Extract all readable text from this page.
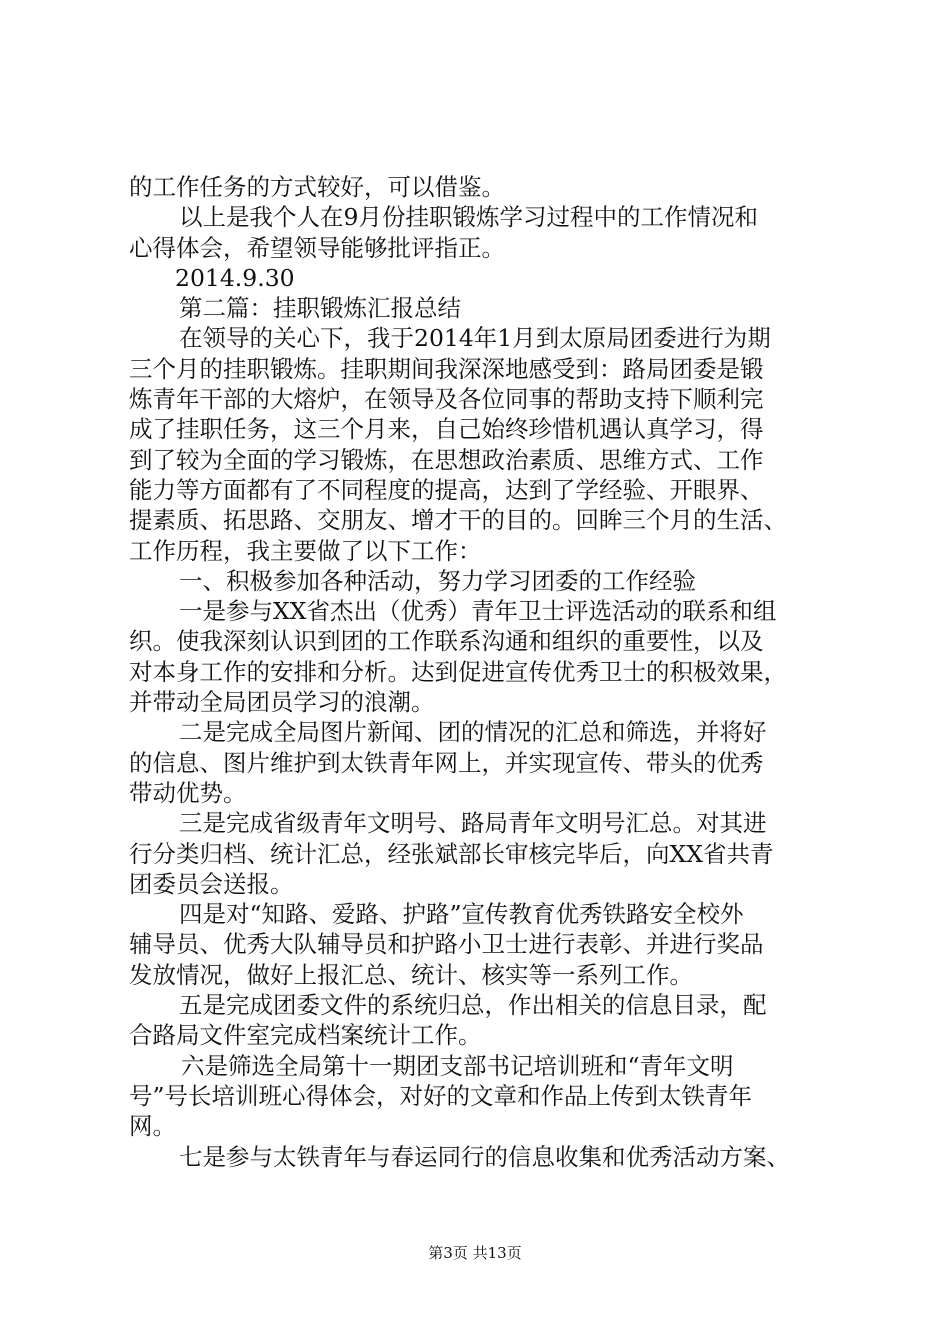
的工作任务的方式较好，可以借鉴。
以上是我个人在9月份挂职锻炼学习过程中的工作情况和
心得体会，希望领导能够批评指正。
2014.9.30
第二篇：挂职锻炼汇报总结
在领导的关心下，我于2014年1月到太原局团委进行为期
三个月的挂职锻炼。挂职期间我深深地感受到：路局团委是锻
炼青年干部的大熔炉，在领导及各位同事的帮助支持下顺利完
成了挂职任务，这三个月来，自己始终珍惜机遇认真学习，得
到了较为全面的学习锻炼，在思想政治素质、思维方式、工作
能力等方面都有了不同程度的提高，达到了学经验、开眼界、
提素质、拓思路、交朋友、增才干的目的。回眸三个月的生活、
工作历程，我主要做了以下工作：
一、积极参加各种活动，努力学习团委的工作经验
一是参与XX省杰出（优秀）青年卫士评选活动的联系和组
织。使我深刻认识到团的工作联系沟通和组织的重要性，以及
对本身工作的安排和分析。达到促进宣传优秀卫士的积极效果，
并带动全局团员学习的浪潮。
二是完成全局图片新闻、团的情况的汇总和筛选，并将好
的信息、图片维护到太铁青年网上，并实现宣传、带头的优秀
带动优势。
三是完成省级青年文明号、路局青年文明号汇总。对其进
行分类归档、统计汇总，经张斌部长审核完毕后，向XX省共青
团委员会送报。
四是对“知路、爱路、护路”宣传教育优秀铁路安全校外
辅导员、优秀大队辅导员和护路小卫士进行表彰、并进行奖品
发放情况，做好上报汇总、统计、核实等一系列工作。
五是完成团委文件的系统归总，作出相关的信息目录，配
合路局文件室完成档案统计工作。
六是筛选全局第十一期团支部书记培训班和“青年文明
号”号长培训班心得体会，对好的文章和作品上传到太铁青年
网。
七是参与太铁青年与春运同行的信息收集和优秀活动方案、
第3页 共13页
